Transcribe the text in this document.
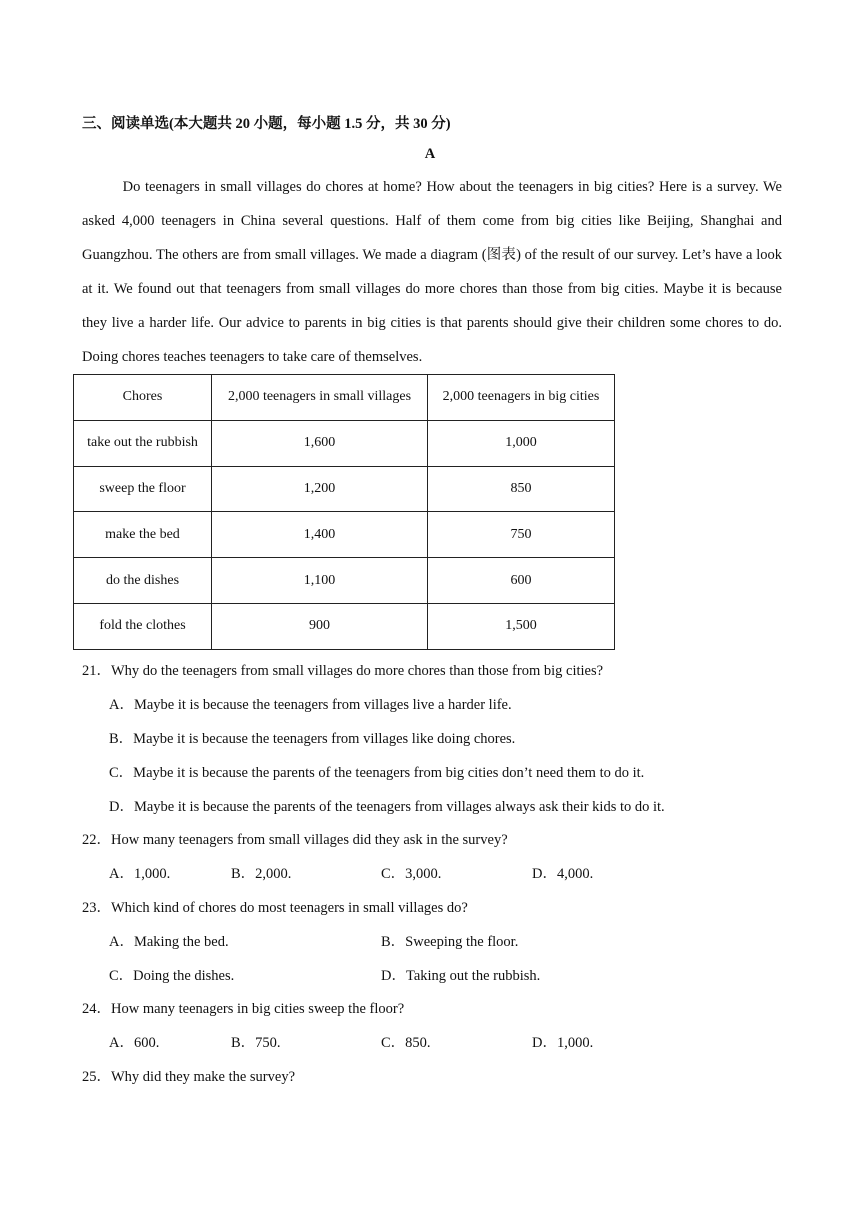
三、阅读单选(本大题共 20 小题，每小题 1.5 分，共 30 分)
A

Do teenagers in small villages do chores at home? How about the teenagers in big cities? Here is a survey. We asked 4,000 teenagers in China several questions. Half of them come from big cities like Beijing, Shanghai and Guangzhou. The others are from small villages. We made a diagram (图表) of the result of our survey. Let’s have a look at it. We found out that teenagers from small villages do more chores than those from big cities. Maybe it is because they live a harder life. Our advice to parents in big cities is that parents should give their children some chores to do. Doing chores teaches teenagers to take care of themselves.

Chores	2,000 teenagers in small villages	2,000 teenagers in big cities
take out the rubbish	1,600	1,000
sweep the floor	1,200	850
make the bed	1,400	750
do the dishes	1,100	600
fold the clothes	900	1,500
21．Why do the teenagers from small villages do more chores than those from big cities?
A．Maybe it is because the teenagers from villages live a harder life.
B．Maybe it is because the teenagers from villages like doing chores.
C．Maybe it is because the parents of the teenagers from big cities don’t need them to do it.
D．Maybe it is because the parents of the teenagers from villages always ask their kids to do it.
22．How many teenagers from small villages did they ask in the survey?
A．1,000.	B．2,000.	C．3,000.	D．4,000.
23．Which kind of chores do most teenagers in small villages do?
A．Making the bed.	B．Sweeping the floor.
C．Doing the dishes.	D．Taking out the rubbish.
24．How many teenagers in big cities sweep the floor?
A．600.	B．750.	C．850.	D．1,000.
25．Why did they make the survey?
